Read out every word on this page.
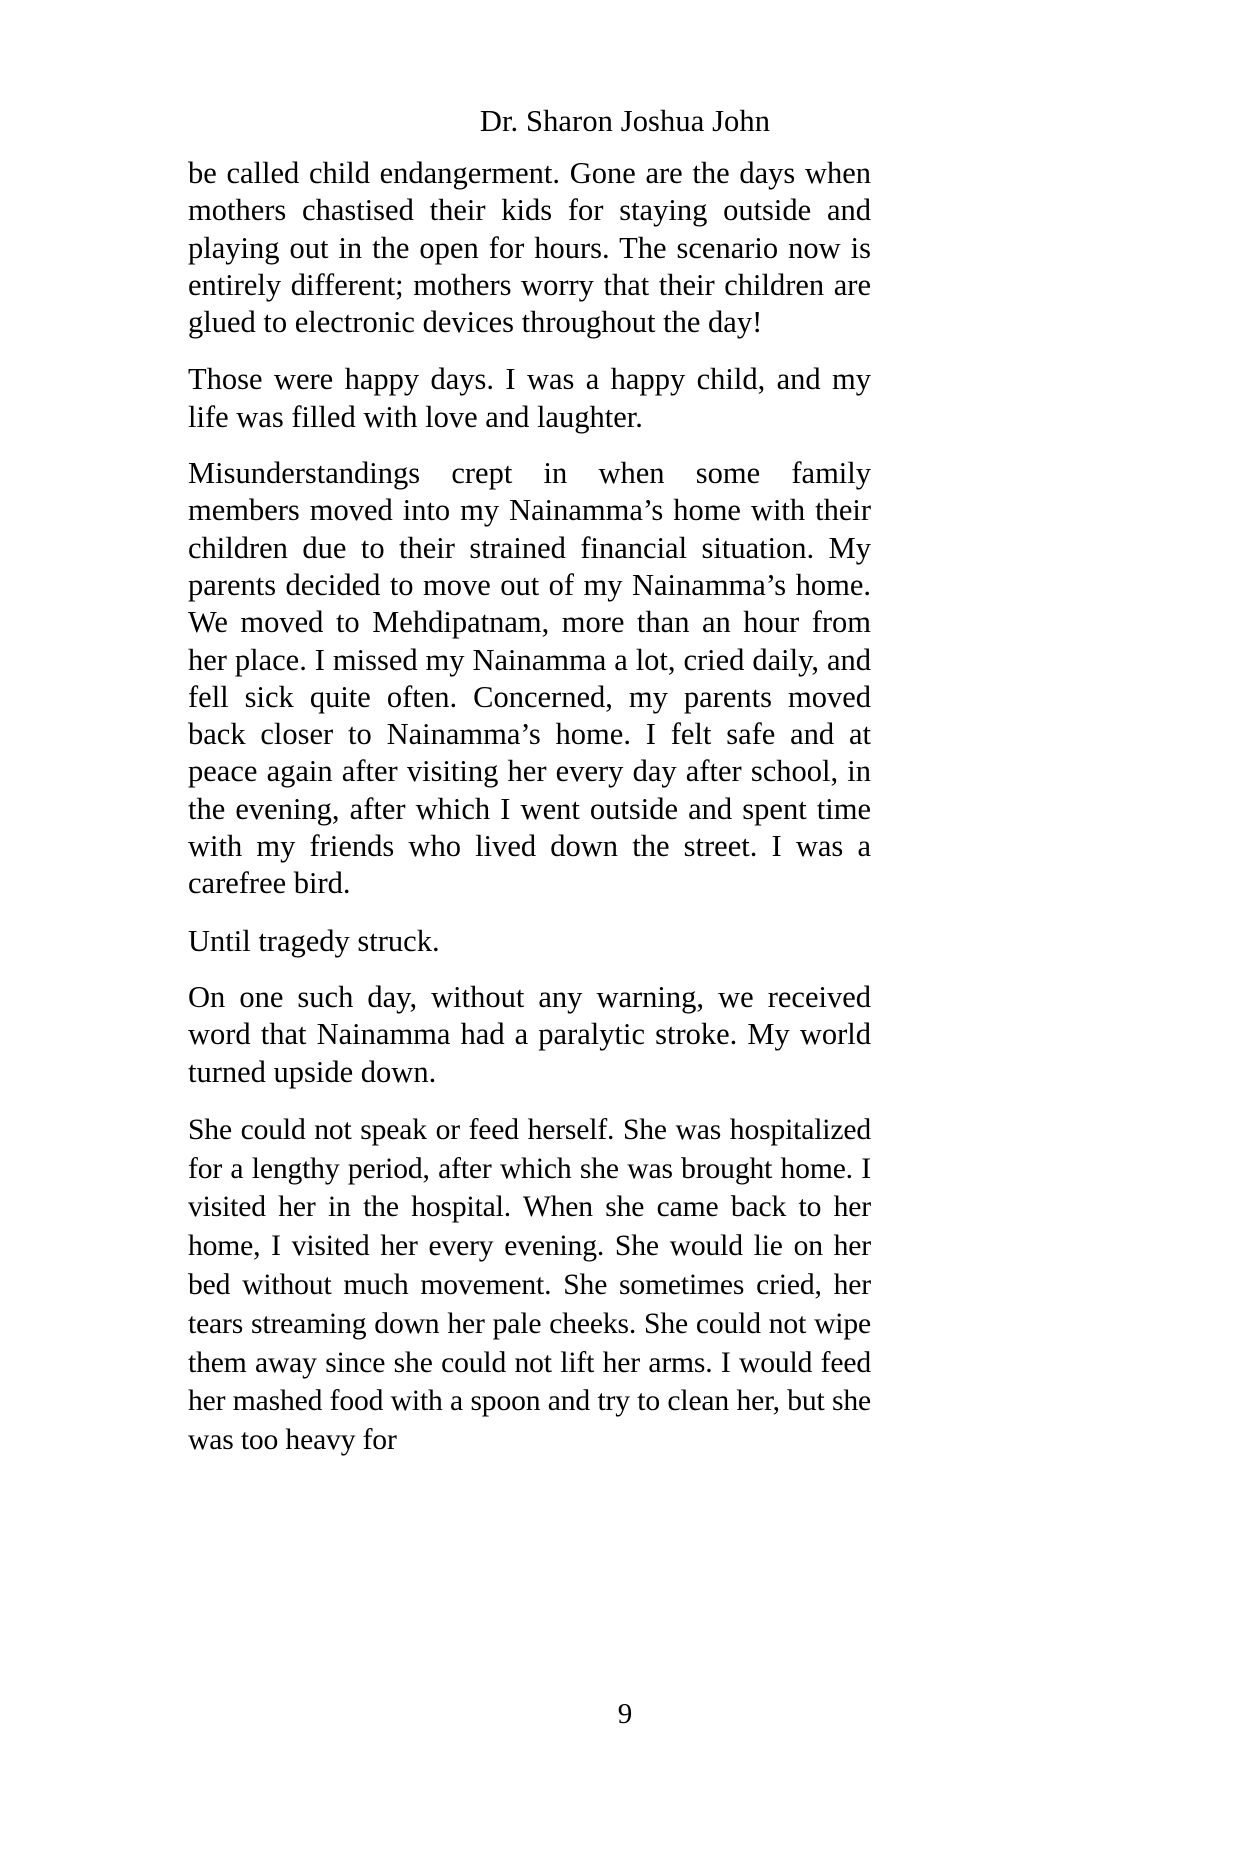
Dr. Sharon Joshua John

be called child endangerment. Gone are the days when mothers chastised their kids for staying outside and playing out in the open for hours. The scenario now is entirely different; mothers worry that their children are glued to electronic devices throughout the day!

Those were happy days. I was a happy child, and my life was filled with love and laughter.

Misunderstandings crept in when some family members moved into my Nainamma’s home with their children due to their strained financial situation. My parents decided to move out of my Nainamma’s home. We moved to Mehdipatnam, more than an hour from her place. I missed my Nainamma a lot, cried daily, and fell sick quite often. Concerned, my parents moved back closer to Nainamma’s home. I felt safe and at peace again after visiting her every day after school, in the evening, after which I went outside and spent time with my friends who lived down the street. I was a carefree bird.

Until tragedy struck.

On one such day, without any warning, we received word that Nainamma had a paralytic stroke. My world turned upside down.

She could not speak or feed herself. She was hospitalized for a lengthy period, after which she was brought home. I visited her in the hospital. When she came back to her home, I visited her every evening. She would lie on her bed without much movement. She sometimes cried, her tears streaming down her pale cheeks. She could not wipe them away since she could not lift her arms. I would feed her mashed food with a spoon and try to clean her, but she was too heavy for

9
